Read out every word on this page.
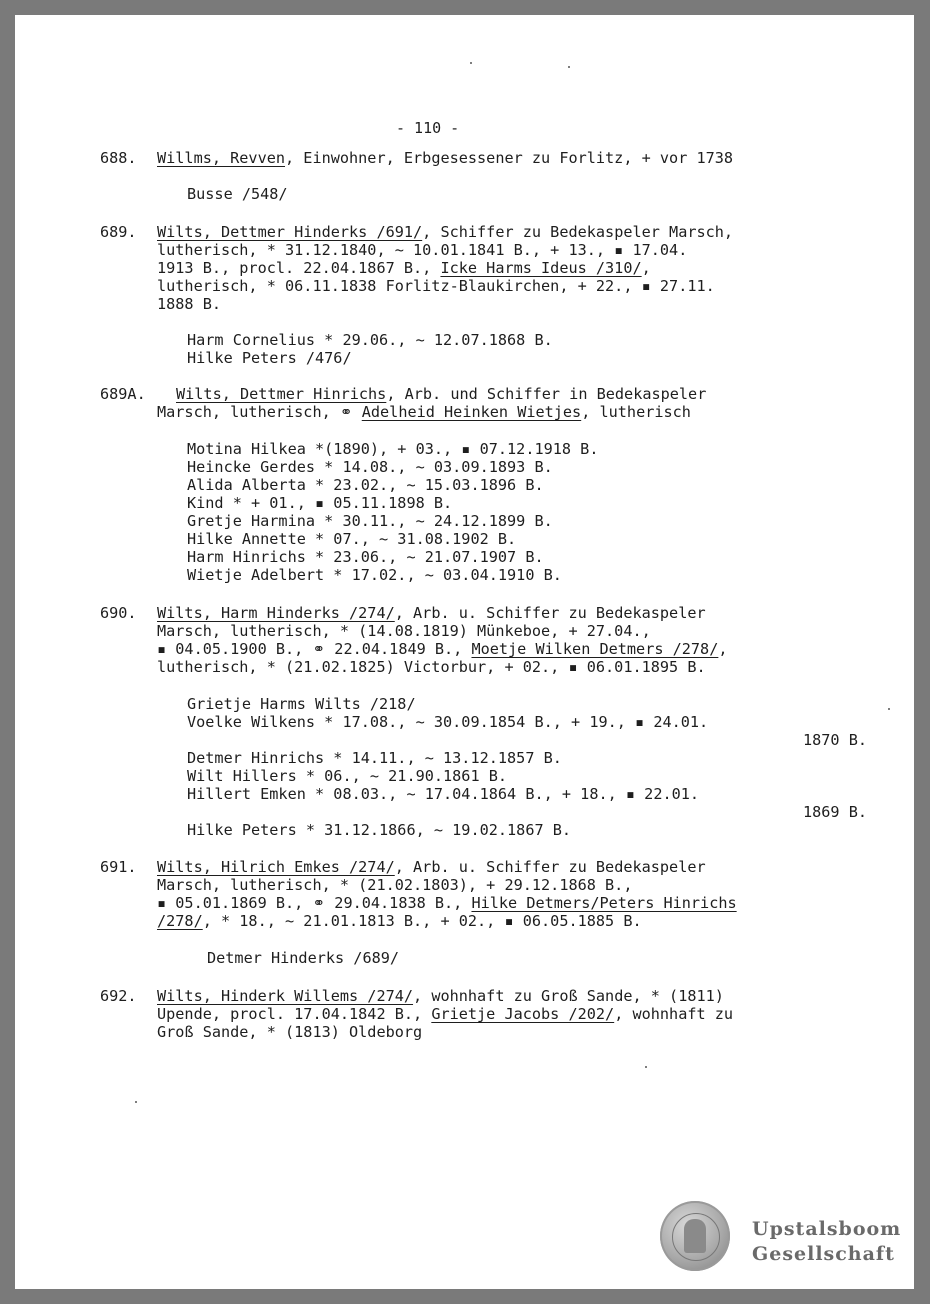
- 110 -
688. Willms, Revven, Einwohner, Erbgesessener zu Forlitz, + vor 1738
Busse /548/
689. Wilts, Dettmer Hinderks /691/, Schiffer zu Bedekaspeler Marsch,
lutherisch, * 31.12.1840, ~ 10.01.1841 B., + 13., ▪ 17.04.
1913 B., procl. 22.04.1867 B., Icke Harms Ideus /310/,
lutherisch, * 06.11.1838 Forlitz-Blaukirchen, + 22., ▪ 27.11.
1888 B.
Harm Cornelius * 29.06., ~ 12.07.1868 B.
Hilke Peters /476/
689A.	Wilts, Dettmer Hinrichs, Arb. und Schiffer in Bedekaspeler
Marsch, lutherisch, ⚭ Adelheid Heinken Wietjes, lutherisch
Motina Hilkea *(1890), + 03., ▪ 07.12.1918 B.
Heincke Gerdes * 14.08., ~ 03.09.1893 B.
Alida Alberta * 23.02., ~ 15.03.1896 B.
Kind * + 01., ▪ 05.11.1898 B.
Gretje Harmina * 30.11., ~ 24.12.1899 B.
Hilke Annette * 07., ~ 31.08.1902 B.
Harm Hinrichs * 23.06., ~ 21.07.1907 B.
Wietje Adelbert * 17.02., ~ 03.04.1910 B.
690. Wilts, Harm Hinderks /274/, Arb. u. Schiffer zu Bedekaspeler
Marsch, lutherisch, * (14.08.1819) Münkeboe, + 27.04.,
▪ 04.05.1900 B., ⚭ 22.04.1849 B., Moetje Wilken Detmers /278/,
lutherisch, * (21.02.1825) Victorbur, + 02., ▪ 06.01.1895 B.
Grietje Harms Wilts /218/
Voelke Wilkens * 17.08., ~ 30.09.1854 B., + 19., ▪ 24.01.
1870 B.
Detmer Hinrichs * 14.11., ~ 13.12.1857 B.
Wilt Hillers * 06., ~ 21.90.1861 B.
Hillert Emken * 08.03., ~ 17.04.1864 B., + 18., ▪ 22.01.
1869 B.
Hilke Peters * 31.12.1866, ~ 19.02.1867 B.
691. Wilts, Hilrich Emkes /274/, Arb. u. Schiffer zu Bedekaspeler
Marsch, lutherisch, * (21.02.1803), + 29.12.1868 B.,
▪ 05.01.1869 B., ⚭ 29.04.1838 B., Hilke Detmers/Peters Hinrichs
/278/, * 18., ~ 21.01.1813 B., + 02., ▪ 06.05.1885 B.
Detmer Hinderks /689/
692. Wilts, Hinderk Willems /274/, wohnhaft zu Groß Sande, * (1811)
Upende, procl. 17.04.1842 B., Grietje Jacobs /202/, wohnhaft zu
Groß Sande, * (1813) Oldeborg
Upstalsboom
Gesellschaft
